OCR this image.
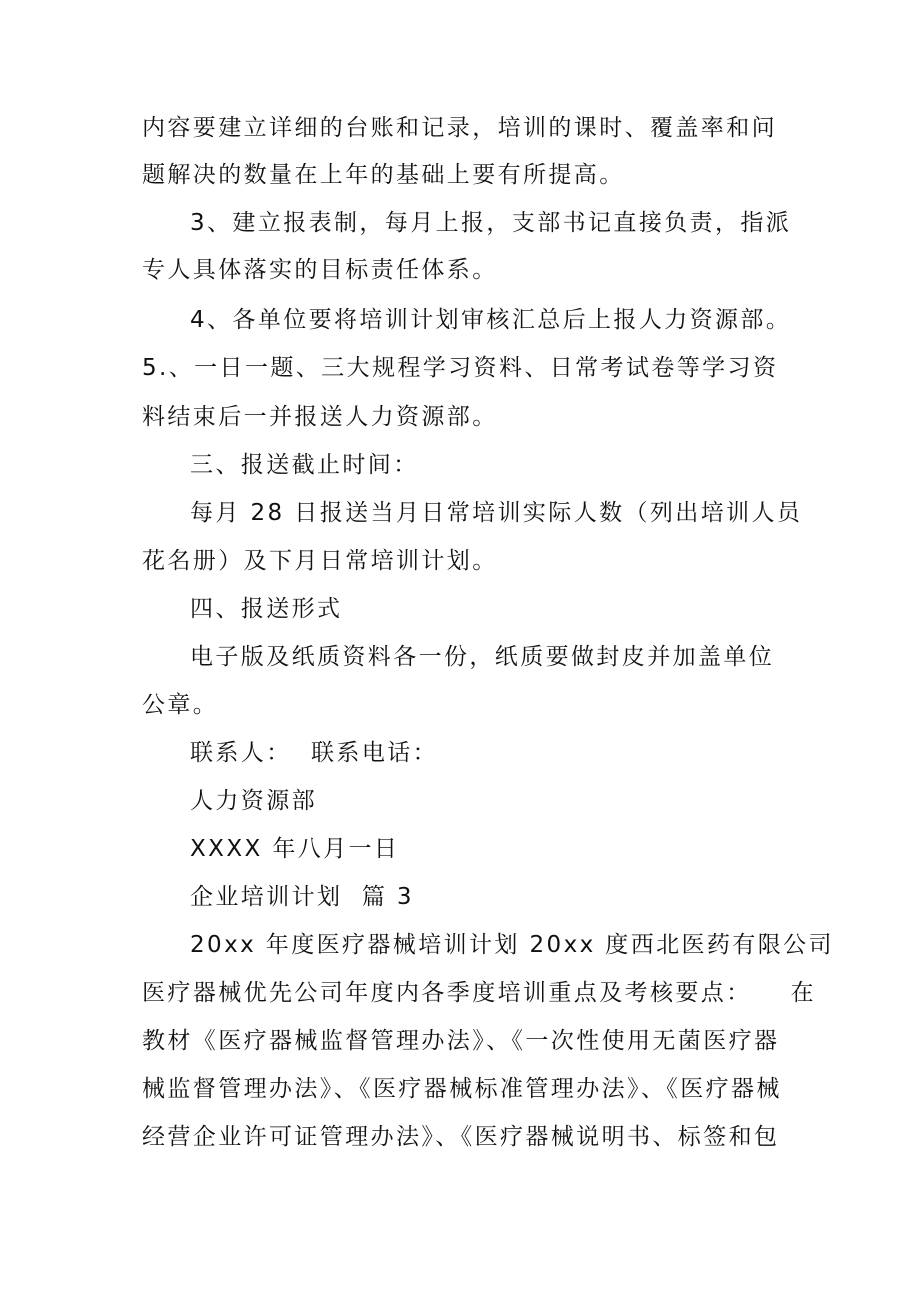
内容要建立详细的台账和记录，培训的课时、覆盖率和问
题解决的数量在上年的基础上要有所提高。
3、建立报表制，每月上报，支部书记直接负责，指派
专人具体落实的目标责任体系。
4、各单位要将培训计划审核汇总后上报人力资源部。
5.、一日一题、三大规程学习资料、日常考试卷等学习资
料结束后一并报送人力资源部。
三、报送截止时间：
每月 28 日报送当月日常培训实际人数（列出培训人员
花名册）及下月日常培训计划。
四、报送形式
电子版及纸质资料各一份，纸质要做封皮并加盖单位
公章。
联系人：  联系电话：
人力资源部
XXXX 年八月一日
企业培训计划  篇 3
20xx 年度医疗器械培训计划 20xx 度西北医药有限公司
医疗器械优先公司年度内各季度培训重点及考核要点：    在
教材《医疗器械监督管理办法》、《一次性使用无菌医疗器
械监督管理办法》、《医疗器械标准管理办法》、《医疗器械
经营企业许可证管理办法》、《医疗器械说明书、标签和包
